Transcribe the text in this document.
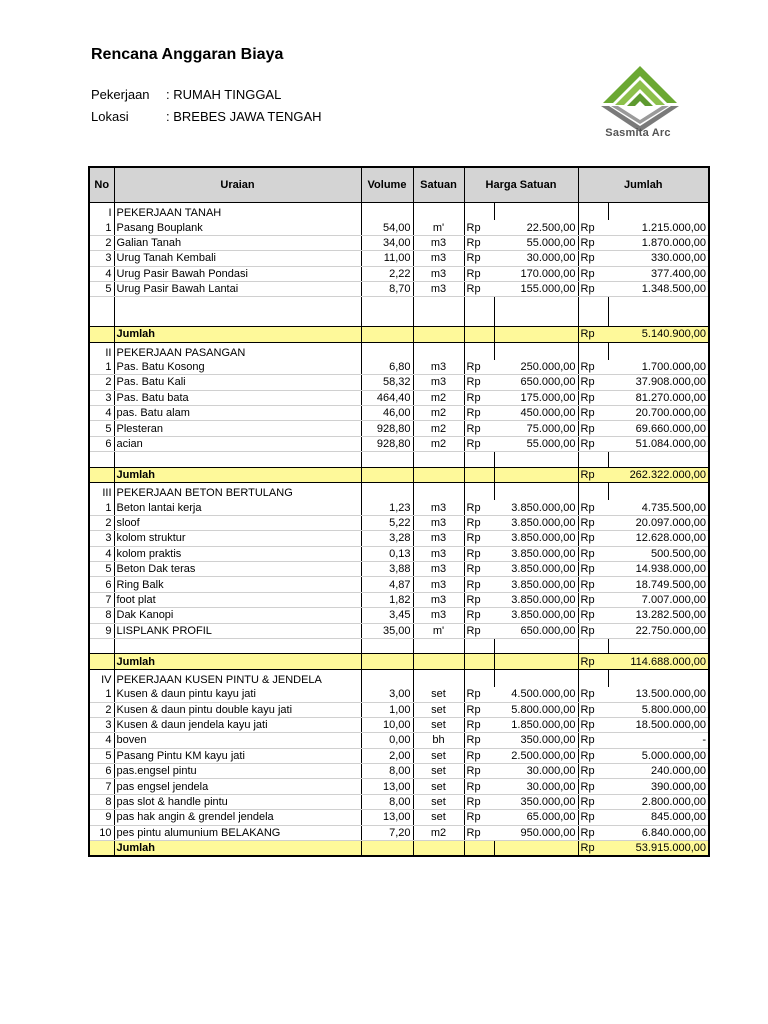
Rencana Anggaran Biaya
Pekerjaan : RUMAH TINGGAL
Lokasi	: BREBES JAWA TENGAH
Sasmita Arc
No	Uraian	Volume	Satuan	Harga Satuan		Jumlah	

I	PEKERJAAN TANAH						
1	Pasang Bouplank	54,00	m'	Rp	22.500,00	Rp	1.215.000,00
2	Galian Tanah	34,00	m3	Rp	55.000,00	Rp	1.870.000,00
3	Urug Tanah Kembali	11,00	m3	Rp	30.000,00	Rp	330.000,00
4	Urug Pasir Bawah Pondasi	2,22	m3	Rp	170.000,00	Rp	377.400,00
5	Urug Pasir Bawah Lantai	8,70	m3	Rp	155.000,00	Rp	1.348.500,00

	Jumlah					Rp	5.140.900,00

II	PEKERJAAN PASANGAN						
1	Pas. Batu Kosong	6,80	m3	Rp	250.000,00	Rp	1.700.000,00
2	Pas. Batu Kali	58,32	m3	Rp	650.000,00	Rp	37.908.000,00
3	Pas. Batu bata	464,40	m2	Rp	175.000,00	Rp	81.270.000,00
4	pas. Batu alam	46,00	m2	Rp	450.000,00	Rp	20.700.000,00
5	Plesteran	928,80	m2	Rp	75.000,00	Rp	69.660.000,00
6	acian	928,80	m2	Rp	55.000,00	Rp	51.084.000,00

	Jumlah					Rp	262.322.000,00

III	PEKERJAAN BETON BERTULANG						
1	Beton lantai kerja	1,23	m3	Rp	3.850.000,00	Rp	4.735.500,00
2	sloof	5,22	m3	Rp	3.850.000,00	Rp	20.097.000,00
3	kolom struktur	3,28	m3	Rp	3.850.000,00	Rp	12.628.000,00
4	kolom praktis	0,13	m3	Rp	3.850.000,00	Rp	500.500,00
5	Beton Dak teras	3,88	m3	Rp	3.850.000,00	Rp	14.938.000,00
6	Ring Balk	4,87	m3	Rp	3.850.000,00	Rp	18.749.500,00
7	foot plat	1,82	m3	Rp	3.850.000,00	Rp	7.007.000,00
8	Dak Kanopi	3,45	m3	Rp	3.850.000,00	Rp	13.282.500,00
9	LISPLANK PROFIL	35,00	m'	Rp	650.000,00	Rp	22.750.000,00

	Jumlah					Rp	114.688.000,00

IV	PEKERJAAN KUSEN PINTU & JENDELA						
1	Kusen & daun pintu kayu jati	3,00	set	Rp	4.500.000,00	Rp	13.500.000,00
2	Kusen & daun pintu double kayu jati	1,00	set	Rp	5.800.000,00	Rp	5.800.000,00
3	Kusen & daun jendela kayu jati	10,00	set	Rp	1.850.000,00	Rp	18.500.000,00
4	boven	0,00	bh	Rp	350.000,00	Rp	-
5	Pasang Pintu KM kayu jati	2,00	set	Rp	2.500.000,00	Rp	5.000.000,00
6	pas.engsel pintu	8,00	set	Rp	30.000,00	Rp	240.000,00
7	pas engsel jendela	13,00	set	Rp	30.000,00	Rp	390.000,00
8	pas slot & handle pintu	8,00	set	Rp	350.000,00	Rp	2.800.000,00
9	pas hak angin & grendel jendela	13,00	set	Rp	65.000,00	Rp	845.000,00
10	pes pintu alumunium BELAKANG	7,20	m2	Rp	950.000,00	Rp	6.840.000,00
	Jumlah					Rp	53.915.000,00
